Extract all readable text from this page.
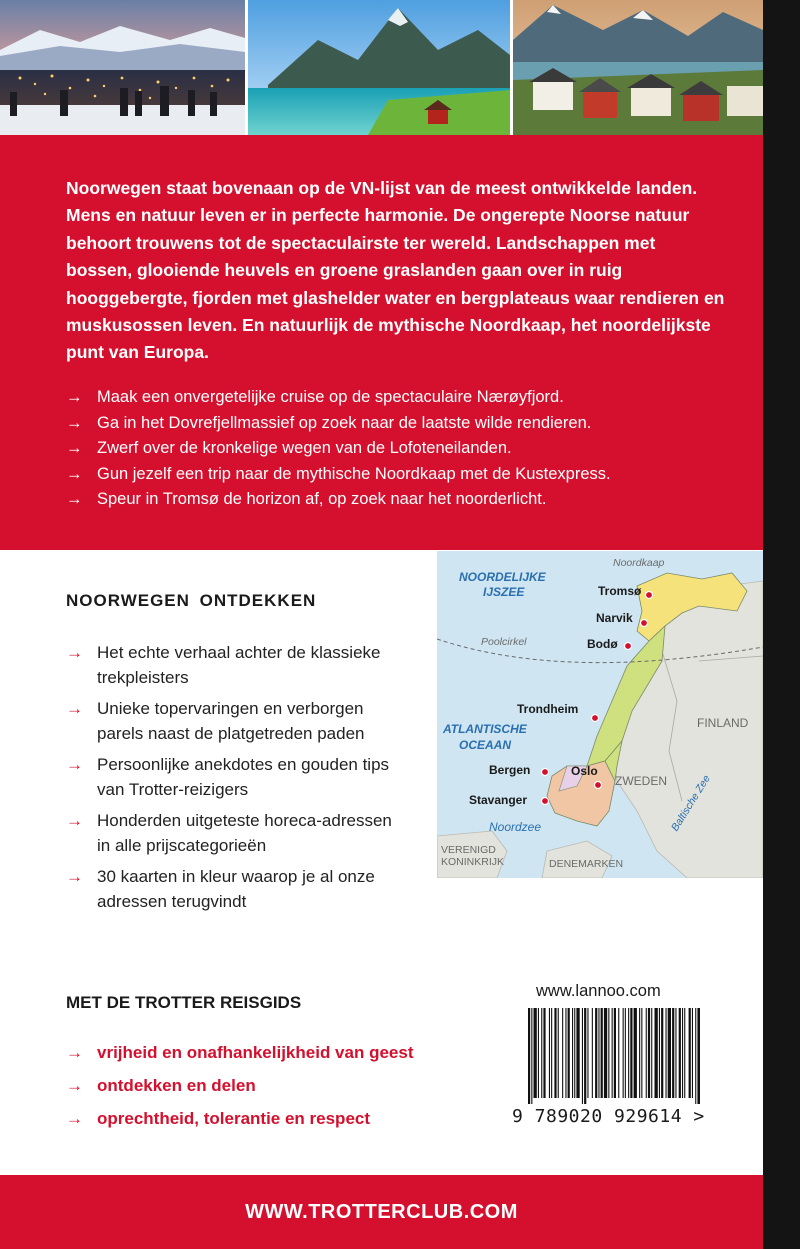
Noorwegen staat bovenaan op de VN-lijst van de meest ontwikkelde landen. Mens en natuur leven er in perfecte harmonie. De ongerepte Noorse natuur behoort trouwens tot de spectaculairste ter wereld. Landschappen met bossen, glooiende heuvels en groene graslanden gaan over in ruig hooggebergte, fjorden met glashelder water en bergplateaus waar rendieren en muskusossen leven. En natuurlijk de mythische Noordkaap, het noordelijkste punt van Europa.

→ Maak een onvergetelijke cruise op de spectaculaire Nærøyfjord.
→ Ga in het Dovrefjellmassief op zoek naar de laatste wilde rendieren.
→ Zwerf over de kronkelige wegen van de Lofoteneilanden.
→ Gun jezelf een trip naar de mythische Noordkaap met de Kustexpress.
→ Speur in Tromsø de horizon af, op zoek naar het noorderlicht.
NOORWEGEN ONTDEKKEN
→ Het echte verhaal achter de klassieke trekpleisters
→ Unieke topervaringen en verborgen parels naast de platgetreden paden
→ Persoonlijke anekdotes en gouden tips van Trotter-reizigers
→ Honderden uitgeteste horeca-adressen in alle prijscategorieën
→ 30 kaarten in kleur waarop je al onze adressen terugvindt
Noordkaap
NOORDELIJKE
IJSZEE	Tromsø
Narvik
Poolcirkel	Bodø
Trondheim
FINLAND
ATLANTISCHE
OCEAAN
Bergen	Oslo
ZWEDEN
Stavanger
Noordzee	Baltische Zee
VERENIGD
KONINKRIJK	DENEMARKEN
MET DE TROTTER REISGIDS
→ vrijheid en onafhankelijkheid van geest
→ ontdekken en delen
→ oprechtheid, tolerantie en respect
www.lannoo.com
9 789020 929614 >
WWW.TROTTERCLUB.COM
